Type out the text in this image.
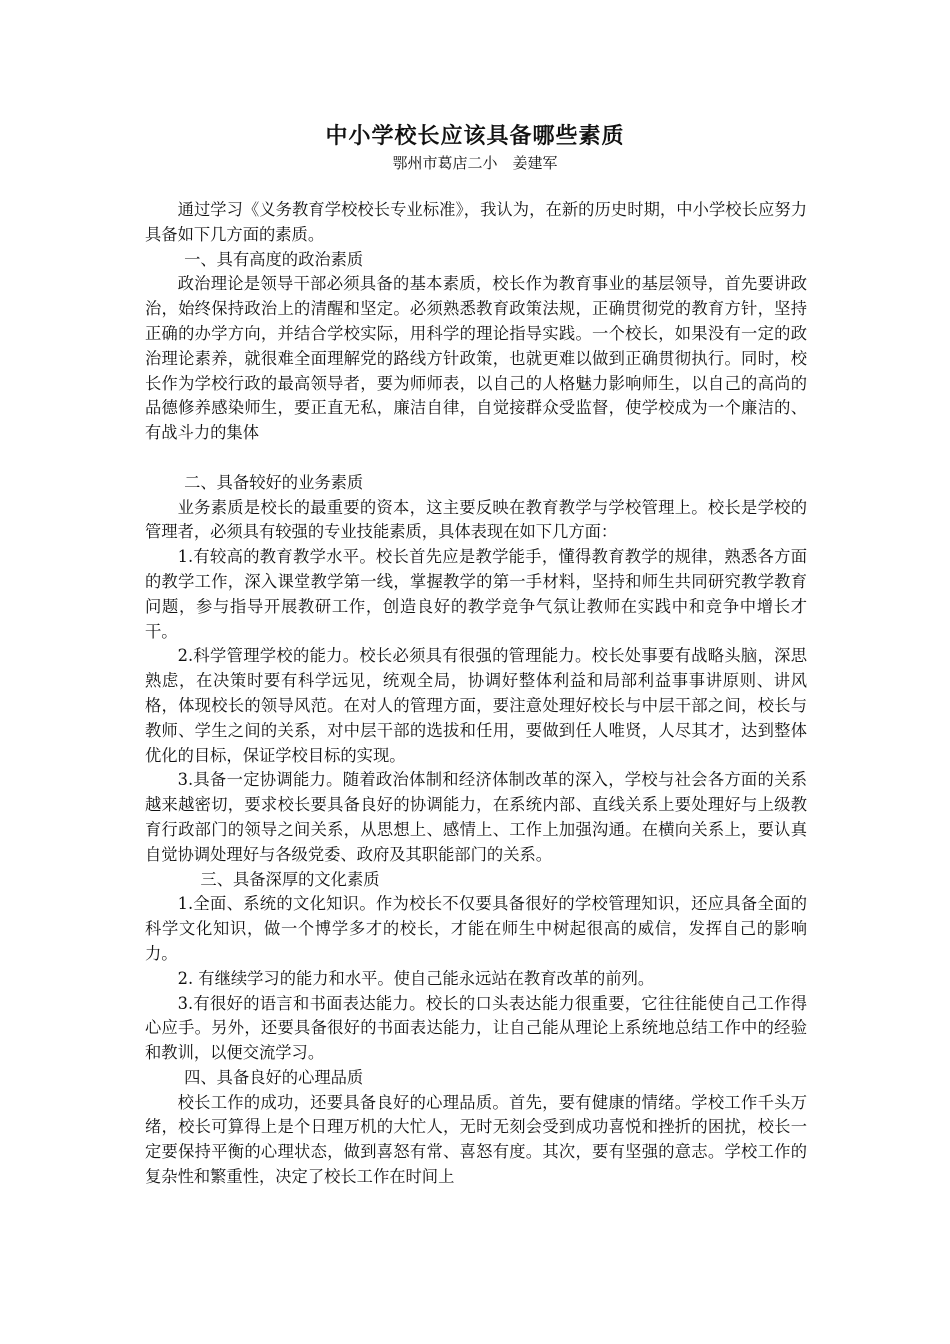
中小学校长应该具备哪些素质
鄂州市葛店二小　姜建军

通过学习《义务教育学校校长专业标准》，我认为，在新的历史时期，中小学校长应努力具备如下几方面的素质。

一、具有高度的政治素质

政治理论是领导干部必须具备的基本素质，校长作为教育事业的基层领导，首先要讲政治，始终保持政治上的清醒和坚定。必须熟悉教育政策法规，正确贯彻党的教育方针，坚持正确的办学方向，并结合学校实际，用科学的理论指导实践。一个校长，如果没有一定的政治理论素养，就很难全面理解党的路线方针政策，也就更难以做到正确贯彻执行。同时，校长作为学校行政的最高领导者，要为师师表，以自己的人格魅力影响师生，以自己的高尚的品德修养感染师生，要正直无私，廉洁自律，自觉接群众受监督，使学校成为一个廉洁的、有战斗力的集体

二、具备较好的业务素质

业务素质是校长的最重要的资本，这主要反映在教育教学与学校管理上。校长是学校的管理者，必须具有较强的专业技能素质，具体表现在如下几方面：

1.有较高的教育教学水平。校长首先应是教学能手，懂得教育教学的规律，熟悉各方面的教学工作，深入课堂教学第一线，掌握教学的第一手材料，坚持和师生共同研究教学教育问题，参与指导开展教研工作，创造良好的教学竞争气氛让教师在实践中和竞争中增长才干。

2.科学管理学校的能力。校长必须具有很强的管理能力。校长处事要有战略头脑，深思熟虑，在决策时要有科学远见，统观全局，协调好整体利益和局部利益事事讲原则、讲风格，体现校长的领导风范。在对人的管理方面，要注意处理好校长与中层干部之间，校长与教师、学生之间的关系，对中层干部的选拔和任用，要做到任人唯贤，人尽其才，达到整体优化的目标，保证学校目标的实现。

3.具备一定协调能力。随着政治体制和经济体制改革的深入，学校与社会各方面的关系越来越密切，要求校长要具备良好的协调能力，在系统内部、直线关系上要处理好与上级教育行政部门的领导之间关系，从思想上、感情上、工作上加强沟通。在横向关系上，要认真自觉协调处理好与各级党委、政府及其职能部门的关系。

三、具备深厚的文化素质

1.全面、系统的文化知识。作为校长不仅要具备很好的学校管理知识，还应具备全面的科学文化知识，做一个博学多才的校长，才能在师生中树起很高的威信，发挥自己的影响力。

2. 有继续学习的能力和水平。使自己能永远站在教育改革的前列。

3.有很好的语言和书面表达能力。校长的口头表达能力很重要，它往往能使自己工作得心应手。另外，还要具备很好的书面表达能力，让自己能从理论上系统地总结工作中的经验和教训，以便交流学习。

四、具备良好的心理品质

校长工作的成功，还要具备良好的心理品质。首先，要有健康的情绪。学校工作千头万绪，校长可算得上是个日理万机的大忙人，无时无刻会受到成功喜悦和挫折的困扰，校长一定要保持平衡的心理状态，做到喜怒有常、喜怒有度。其次，要有坚强的意志。学校工作的复杂性和繁重性，决定了校长工作在时间上
